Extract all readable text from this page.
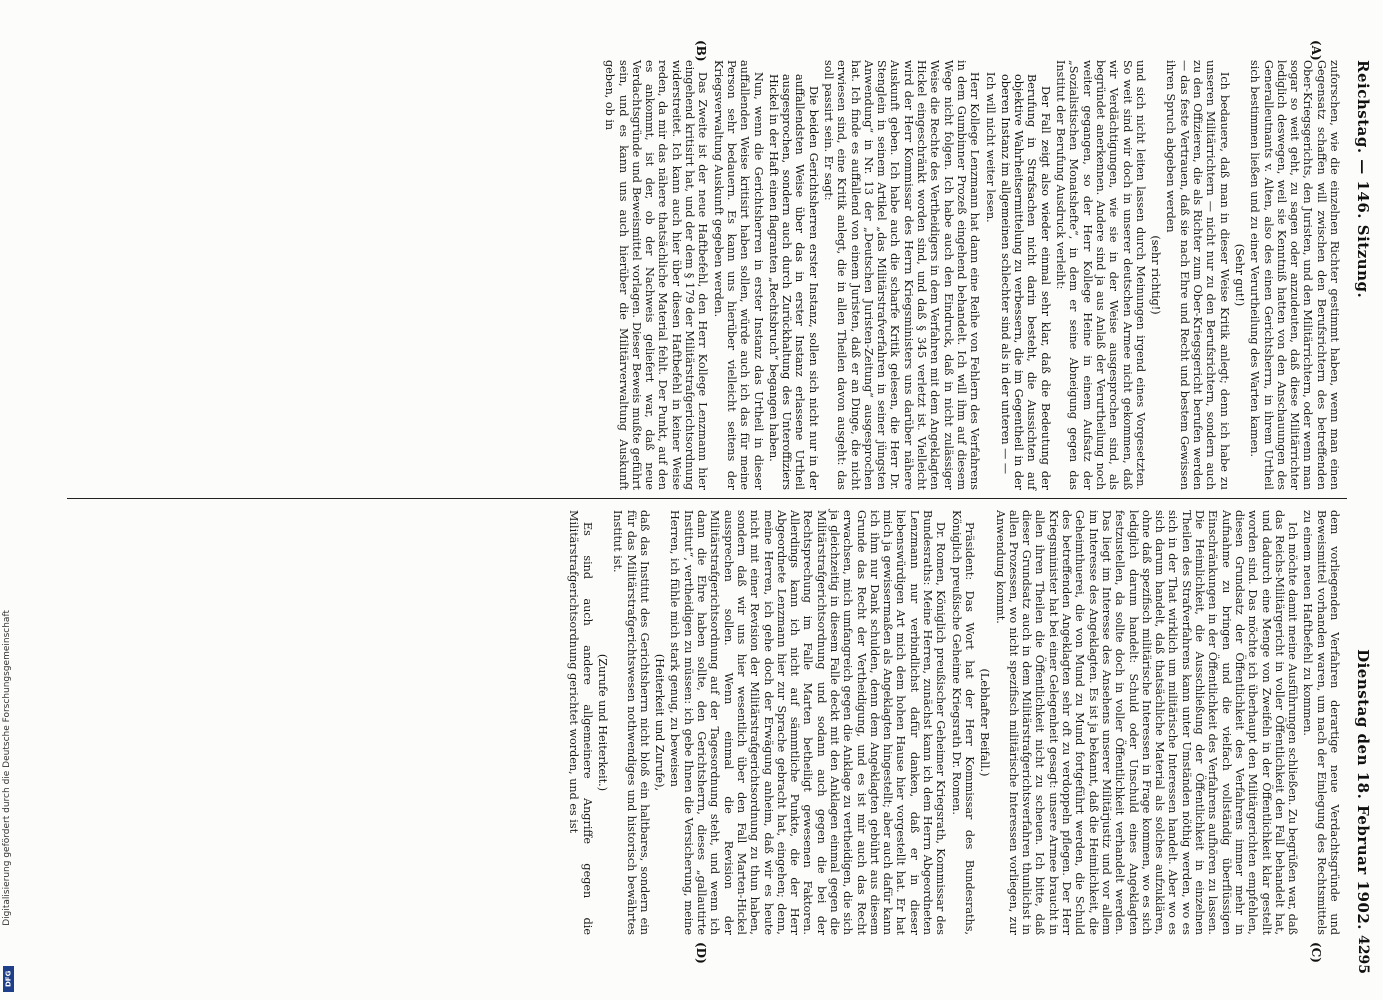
Reichstag. — 146. Sitzung.
Dienstag den 18. Februar 1902.
4295
(A)
(B)
(C)
(D)

zuforschen, wie die einzelnen Richter gestimmt haben, wenn man einen Gegensatz schaffen will zwischen den Berufsrichtern des betreffenden Ober-Kriegsgerichts, den Juristen, und den Militärrichtern, oder wenn man sogar so weit geht, zu sagen oder anzudeuten, daß diese Militärrichter lediglich deswegen, weil sie Kenntniß hatten von den Anschauungen des Generalleutnants v. Alten, also des einen Gerichtsherrn, in ihrem Urtheil sich bestimmen ließen und zu einer Verurtheilung des Warten kamen.

(Sehr gut!)

Ich bedauere, daß man in dieser Weise Kritik anlegt; denn ich habe zu unseren Militärrichtern — nicht nur zu den Berufsrichtern, sondern auch zu den Offizieren, die als Richter zum Ober-Kriegsgericht berufen werden — das feste Vertrauen, daß sie nach Ehre und Recht und bestem Gewissen ihren Spruch abgeben werden

(sehr richtig!)

und sich nicht leiten lassen durch Meinungen irgend eines Vorgesetzten. So weit sind wir doch in unserer deutschen Armee nicht gekommen, daß wir Verdächtigungen, wie sie in der Weise ausgesprochen sind, als begründet anerkennen. Andere sind ja aus Anlaß der Verurtheilung noch weiter gegangen, so der Herr Kollege Heine in einem Aufsatz der „Sozialistischen Monatshefte“, in dem er seine Abneigung gegen das Institut der Berufung Ausdruck verleiht:

Der Fall zeigt also wieder einmal sehr klar, daß die Bedeutung der Berufung in Strafsachen nicht darin besteht, die Aussichten auf objektive Wahrheitsermittelung zu verbessern, die im Gegentheil in der oberen Instanz im allgemeinen schlechter sind als in der unteren — —

Ich will nicht weiter lesen.

Herr Kollege Lenzmann hat dann eine Reihe von Fehlern des Verfahrens in dem Gumbinner Prozeß eingehend behandelt. Ich will ihm auf diesem Wege nicht folgen. Ich habe auch den Eindruck, daß in nicht zulässiger Weise die Rechte des Vertheidigers in dem Verfahren mit dem Angeklagten Hickel eingeschränkt worden sind, und daß § 345 verletzt ist. Vielleicht wird der Herr Kommissar des Herrn Kriegsministers uns darüber nähere Auskunft geben. Ich habe auch die scharfe Kritik gelesen, die Herr Dr. Stenglein in seinem Artikel „das Militärstrafverfahren in seiner jüngsten Anwendung“ in Nr. 13 der „Deutschen Juristen-Zeitung“ ausgesprochen hat. Ich finde es auffallend von einem Juristen, daß er an Dinge, die nicht erwiesen sind, eine Kritik anlegt, die in allen Theilen davon ausgeht: das soll passirt sein. Er sagt:

Die beiden Gerichtsherren erster Instanz, sollen sich nicht nur in der auffallendsten Weise über das in erster Instanz erlassene Urtheil ausgesprochen, sondern auch durch Zurückhaltung des Unteroffiziers Hickel in der Haft einen flagranten „Rechtsbruch“ begangen haben.

Nun, wenn die Gerichtsherren in erster Instanz das Urtheil in dieser auffallenden Weise kritisirt haben sollen, würde auch ich das für meine Person sehr bedauern. Es kann uns hierüber vielleicht seitens der Kriegsverwaltung Auskunft gegeben werden.

Das Zweite ist der neue Haftbefehl, den Herr Kollege Lenzmann hier eingehend kritisirt hat, und der dem § 179 der Militärstrafgerichtsordnung widerstreitet. Ich kann auch hier über diesen Haftbefehl in keiner Weise reden, da mir das nähere thatsächliche Material fehlt. Der Punkt, auf den es ankommt, ist der, ob der Nachweis geliefert war, daß neue Verdachtsgründe und Beweismittel vorlagen. Dieser Beweis mußte geführt sein, und es kann uns auch hierüber die Militärverwaltung Auskunft geben, ob in

dem vorliegenden Verfahren derartige neue Verdachtsgründe und Beweismittel vorhanden waren, um nach der Einlegung des Rechtsmittels zu einem neuen Haftbefehl zu kommen.

Ich möchte damit meine Ausführungen schließen. Zu begrüßen war, daß das Reichs-Militärgericht in voller Öffentlichkeit den Fall behandelt hat, und dadurch eine Menge von Zweifeln in der Öffentlichkeit klar gestellt worden sind. Das möchte ich überhaupt den Militärgerichten empfehlen, diesen Grundsatz der Öffentlichkeit des Verfahrens immer mehr in Aufnahme zu bringen und die vielfach vollständig überflüssigen Einschränkungen in der Öffentlichkeit des Verfahrens aufhören zu lassen. Die Heimlichkeit, die Ausschließung der Öffentlichkeit in einzelnen Theilen des Strafverfahrens kann unter Umständen nöthig werden, wo es sich in der That wirklich um militärische Interessen handelt. Aber wo es sich darum handelt, daß thatsächliche Material als solches aufzuklären, ohne daß spezifisch militärische Interessen in Frage kommen, wo es sich lediglich darum handelt: Schuld oder Unschuld eines Angeklagten festzustellen, da sollte doch in voller Öffentlichkeit verhandelt werden. Das liegt im Interesse des Ansehens unserer Militärjustiz und vor allem im Interesse des Angeklagten. Es ist ja bekannt, daß die Heimlichkeit, die Geheimthuerei, die von Mund zu Mund fortgeführt werden, die Schuld des betreffenden Angeklagten sehr oft zu verdoppeln pflegen. Der Herr Kriegsminister hat bei einer Gelegenheit gesagt: unsere Armee braucht in allen ihren Theilen die Öffentlichkeit nicht zu scheuen. Ich bitte, daß dieser Grundsatz auch in dem Militärstrafgerichtsverfahren thunlichst in allen Prozessen, wo nicht spezifisch militärische Interessen vorliegen, zur Anwendung kommt.

(Lebhafter Beifall.)

Präsident: Das Wort hat der Herr Kommissar des Bundesraths, Königlich preußische Geheime Kriegsrath Dr. Romen.

Dr. Romen, Königlich preußischer Geheimer Kriegsrath, Kommissar des Bundesraths: Meine Herren, zunächst kann ich dem Herrn Abgeordneten Lenzmann nur verbindlichst dafür danken, daß er in dieser liebenswürdigen Art mich dem hohen Hause hier vorgestellt hat. Er hat mich ja gewissermaßen als Angeklagten hingestellt; aber auch dafür kann ich ihm nur Dank schulden, denn dem Angeklagten gebührt aus diesem Grunde das Recht der Vertheidigung, und es ist mir auch das Recht erwachsen, mich umfangreich gegen die Anklage zu vertheidigen, die sich ja gleichzeitig in diesem Falle deckt mit den Anklagen einmal gegen die Militärstrafgerichtsordnung und sodann auch gegen die bei der Rechtsprechung im Falle Marten betheiligt gewesenen Faktoren. Allerdings kann ich nicht auf sämmtliche Punkte, die der Herr Abgeordnete Lenzmann hier zur Sprache gebracht hat, eingehen; denn, meine Herren, ich gehe doch der Erwägung anheim, daß wir es heute nicht mit einer Revision der Militärstrafgerichtsordnung zu thun haben, sondern daß wir uns hier wesentlich über den Fall Marten-Hickel aussprechen sollen. Wenn einmal die Revision der Militärstrafgerichtsordnung auf der Tagesordnung steht, und wenn ich dann die Ehre haben sollte, den Gerichtsherrn, dieses „gallautirte Institut“, vertheidigen zu müssen: ich gebe Ihnen die Versicherung, meine Herren, ich fühle mich stark genug, zu beweisen

(Heiterkeit und Zurufe),

daß das Institut des Gerichtsherrn nicht bloß ein haltbares, sondern ein für das Militärstrafgerichtswesen nothwendiges und historisch bewährtes Institut ist.

(Zurufe und Heiterkeit.)

Es sind auch andere allgemeinere Angriffe gegen die Militärstrafgerichtsordnung gerichtet worden, und es ist

Digitalisierung gefördert durch die Deutsche Forschungsgemeinschaft
DFG
